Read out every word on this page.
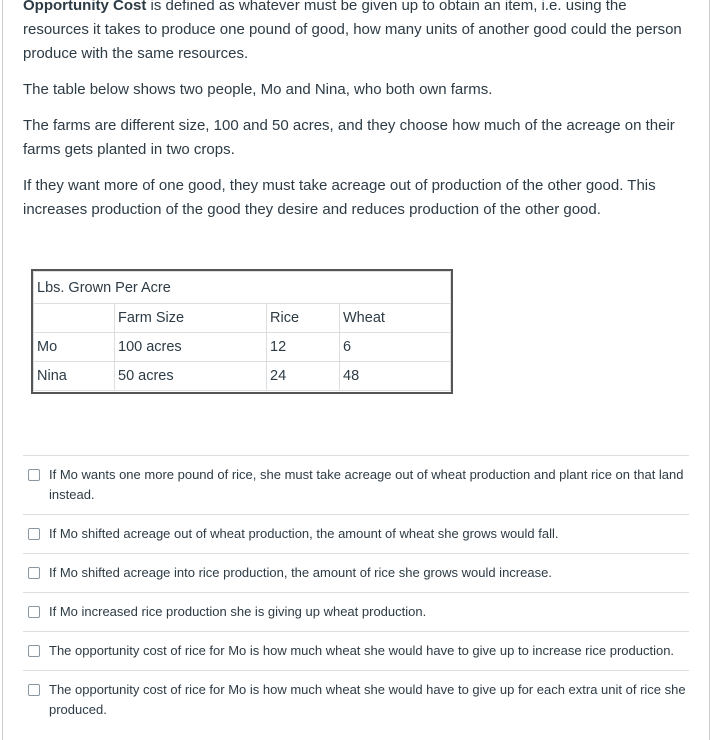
Opportunity Cost is defined as whatever must be given up to obtain an item, i.e. using the resources it takes to produce one pound of good, how many units of another good could the person produce with the same resources.

The table below shows two people, Mo and Nina, who both own farms.

The farms are different size, 100 and 50 acres, and they choose how much of the acreage on their farms gets planted in two crops.

If they want more of one good, they must take acreage out of production of the other good. This increases production of the good they desire and reduces production of the other good.

Lbs. Grown Per Acre			
	Farm Size	Rice	Wheat
Mo	100 acres	12	6
Nina	50 acres	24	48
If Mo wants one more pound of rice, she must take acreage out of wheat production and plant rice on that land instead.
If Mo shifted acreage out of wheat production, the amount of wheat she grows would fall.
If Mo shifted acreage into rice production, the amount of rice she grows would increase.
If Mo increased rice production she is giving up wheat production.
The opportunity cost of rice for Mo is how much wheat she would have to give up to increase rice production.
The opportunity cost of rice for Mo is how much wheat she would have to give up for each extra unit of rice she produced.
